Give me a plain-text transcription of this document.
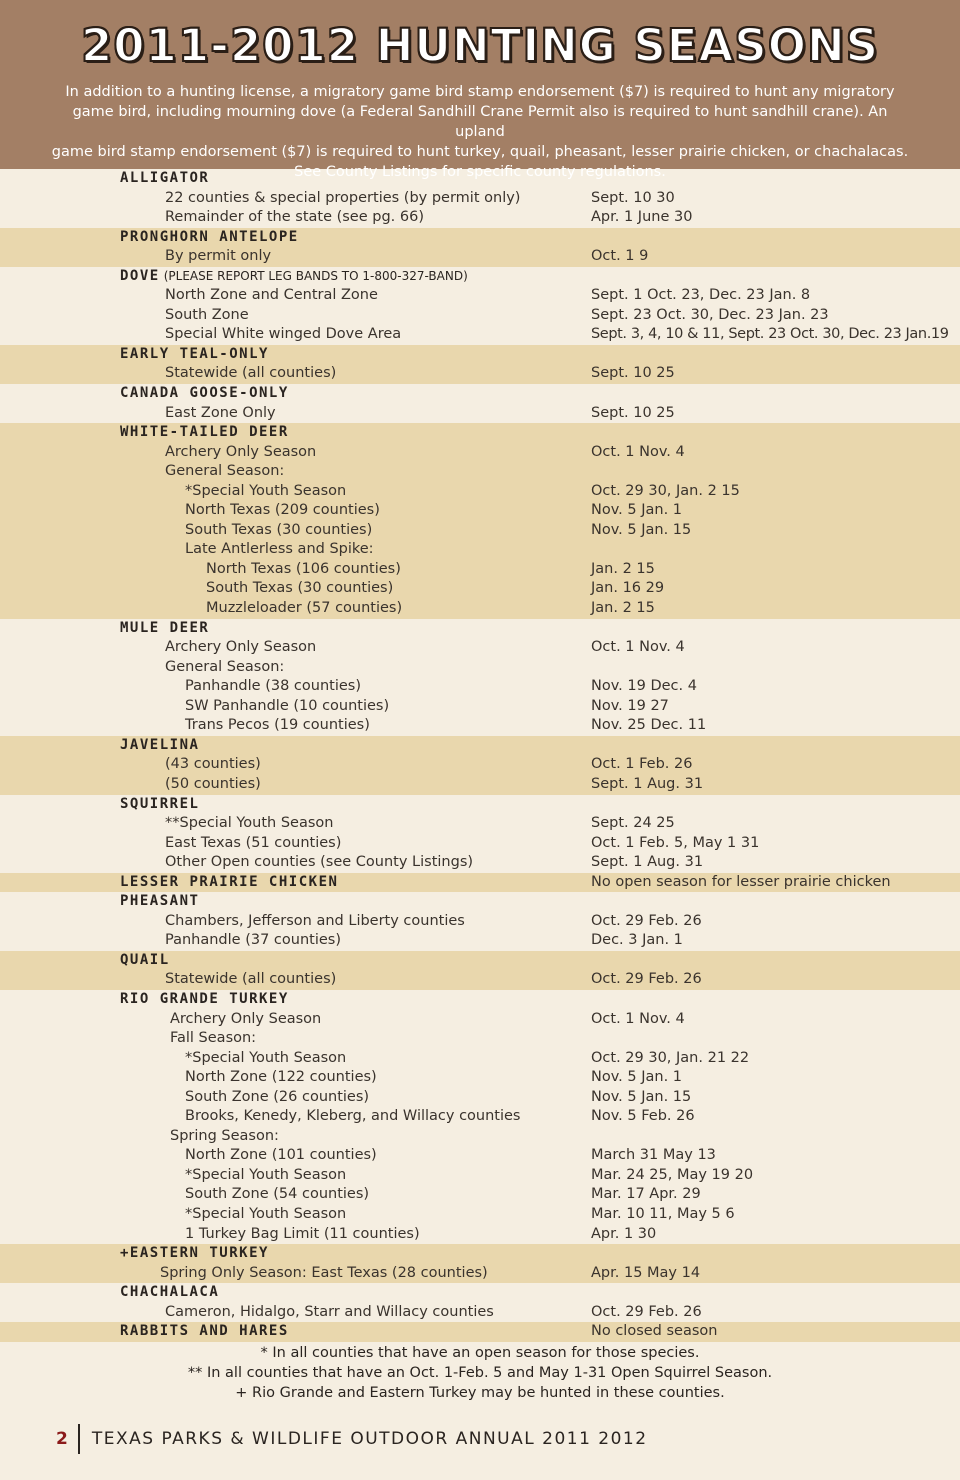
2011-2012 HUNTING SEASONS
In addition to a hunting license, a migratory game bird stamp endorsement ($7) is required to hunt any migratory
game bird, including mourning dove (a Federal Sandhill Crane Permit also is required to hunt sandhill crane). An upland
game bird stamp endorsement ($7) is required to hunt turkey, quail, pheasant, lesser prairie chicken, or chachalacas.
See County Listings for specific county regulations.
ALLIGATOR
22 counties & special properties (by permit only)	Sept. 10 30
Remainder of the state (see pg. 66)	Apr. 1 June 30
PRONGHORN ANTELOPE
By permit only	Oct. 1 9
DOVE (PLEASE REPORT LEG BANDS TO 1-800-327-BAND)
North Zone and Central Zone	Sept. 1 Oct. 23, Dec. 23 Jan. 8
South Zone	Sept. 23 Oct. 30, Dec. 23 Jan. 23
Special White winged Dove Area	Sept. 3, 4, 10 & 11, Sept. 23 Oct. 30, Dec. 23 Jan.19
EARLY TEAL-ONLY
Statewide (all counties)	Sept. 10 25
CANADA GOOSE-ONLY
East Zone Only	Sept. 10 25
WHITE-TAILED DEER
Archery Only Season	Oct. 1 Nov. 4
General Season:
*Special Youth Season	Oct. 29 30, Jan. 2 15
North Texas (209 counties)	Nov. 5 Jan. 1
South Texas (30 counties)	Nov. 5 Jan. 15
Late Antlerless and Spike:
North Texas (106 counties)	Jan. 2 15
South Texas (30 counties)	Jan. 16 29
Muzzleloader (57 counties)	Jan. 2 15
MULE DEER
Archery Only Season	Oct. 1 Nov. 4
General Season:
Panhandle (38 counties)	Nov. 19 Dec. 4
SW Panhandle (10 counties)	Nov. 19 27
Trans Pecos (19 counties)	Nov. 25 Dec. 11
JAVELINA
(43 counties)	Oct. 1 Feb. 26
(50 counties)	Sept. 1 Aug. 31
SQUIRREL
**Special Youth Season	Sept. 24 25
East Texas (51 counties)	Oct. 1 Feb. 5, May 1 31
Other Open counties (see County Listings)	Sept. 1 Aug. 31
LESSER PRAIRIE CHICKEN	No open season for lesser prairie chicken
PHEASANT
Chambers, Jefferson and Liberty counties	Oct. 29 Feb. 26
Panhandle (37 counties)	Dec. 3 Jan. 1
QUAIL
Statewide (all counties)	Oct. 29 Feb. 26
RIO GRANDE TURKEY
Archery Only Season	Oct. 1 Nov. 4
Fall Season:
*Special Youth Season	Oct. 29 30, Jan. 21 22
North Zone (122 counties)	Nov. 5 Jan. 1
South Zone (26 counties)	Nov. 5 Jan. 15
Brooks, Kenedy, Kleberg, and Willacy counties	Nov. 5 Feb. 26
Spring Season:
North Zone (101 counties)	March 31 May 13
*Special Youth Season	Mar. 24 25, May 19 20
South Zone (54 counties)	Mar. 17 Apr. 29
*Special Youth Season	Mar. 10 11, May 5 6
1 Turkey Bag Limit (11 counties)	Apr. 1 30
+EASTERN TURKEY
Spring Only Season: East Texas (28 counties)	Apr. 15 May 14
CHACHALACA
Cameron, Hidalgo, Starr and Willacy counties	Oct. 29 Feb. 26
RABBITS AND HARES	No closed season
* In all counties that have an open season for those species.
** In all counties that have an Oct. 1-Feb. 5 and May 1-31 Open Squirrel Season.
+ Rio Grande and Eastern Turkey may be hunted in these counties.
2 TEXAS PARKS & WILDLIFE OUTDOOR ANNUAL 2011 2012
